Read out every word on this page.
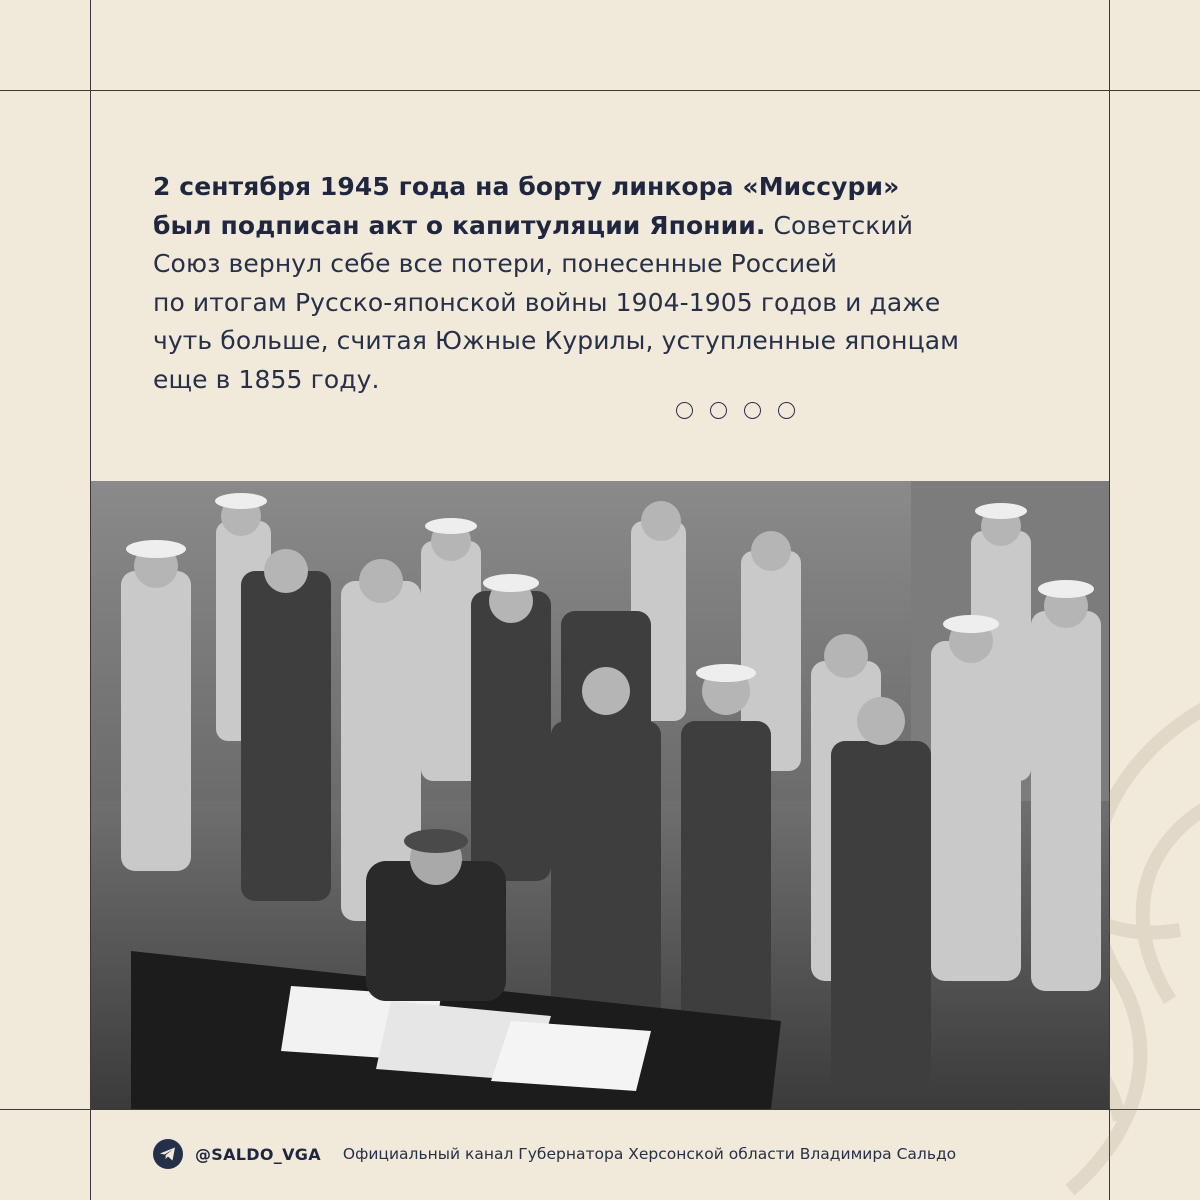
2 сентября 1945 года на борту линкора «Миссури»
был подписан акт о капитуляции Японии. Советский
Союз вернул себе все потери, понесенные Россией
по итогам Русско-японской войны 1904-1905 годов и даже
чуть больше, считая Южные Курилы, уступленные японцам
еще в 1855 году.
@SALDO_VGA Официальный канал Губернатора Херсонской области Владимира Сальдо
